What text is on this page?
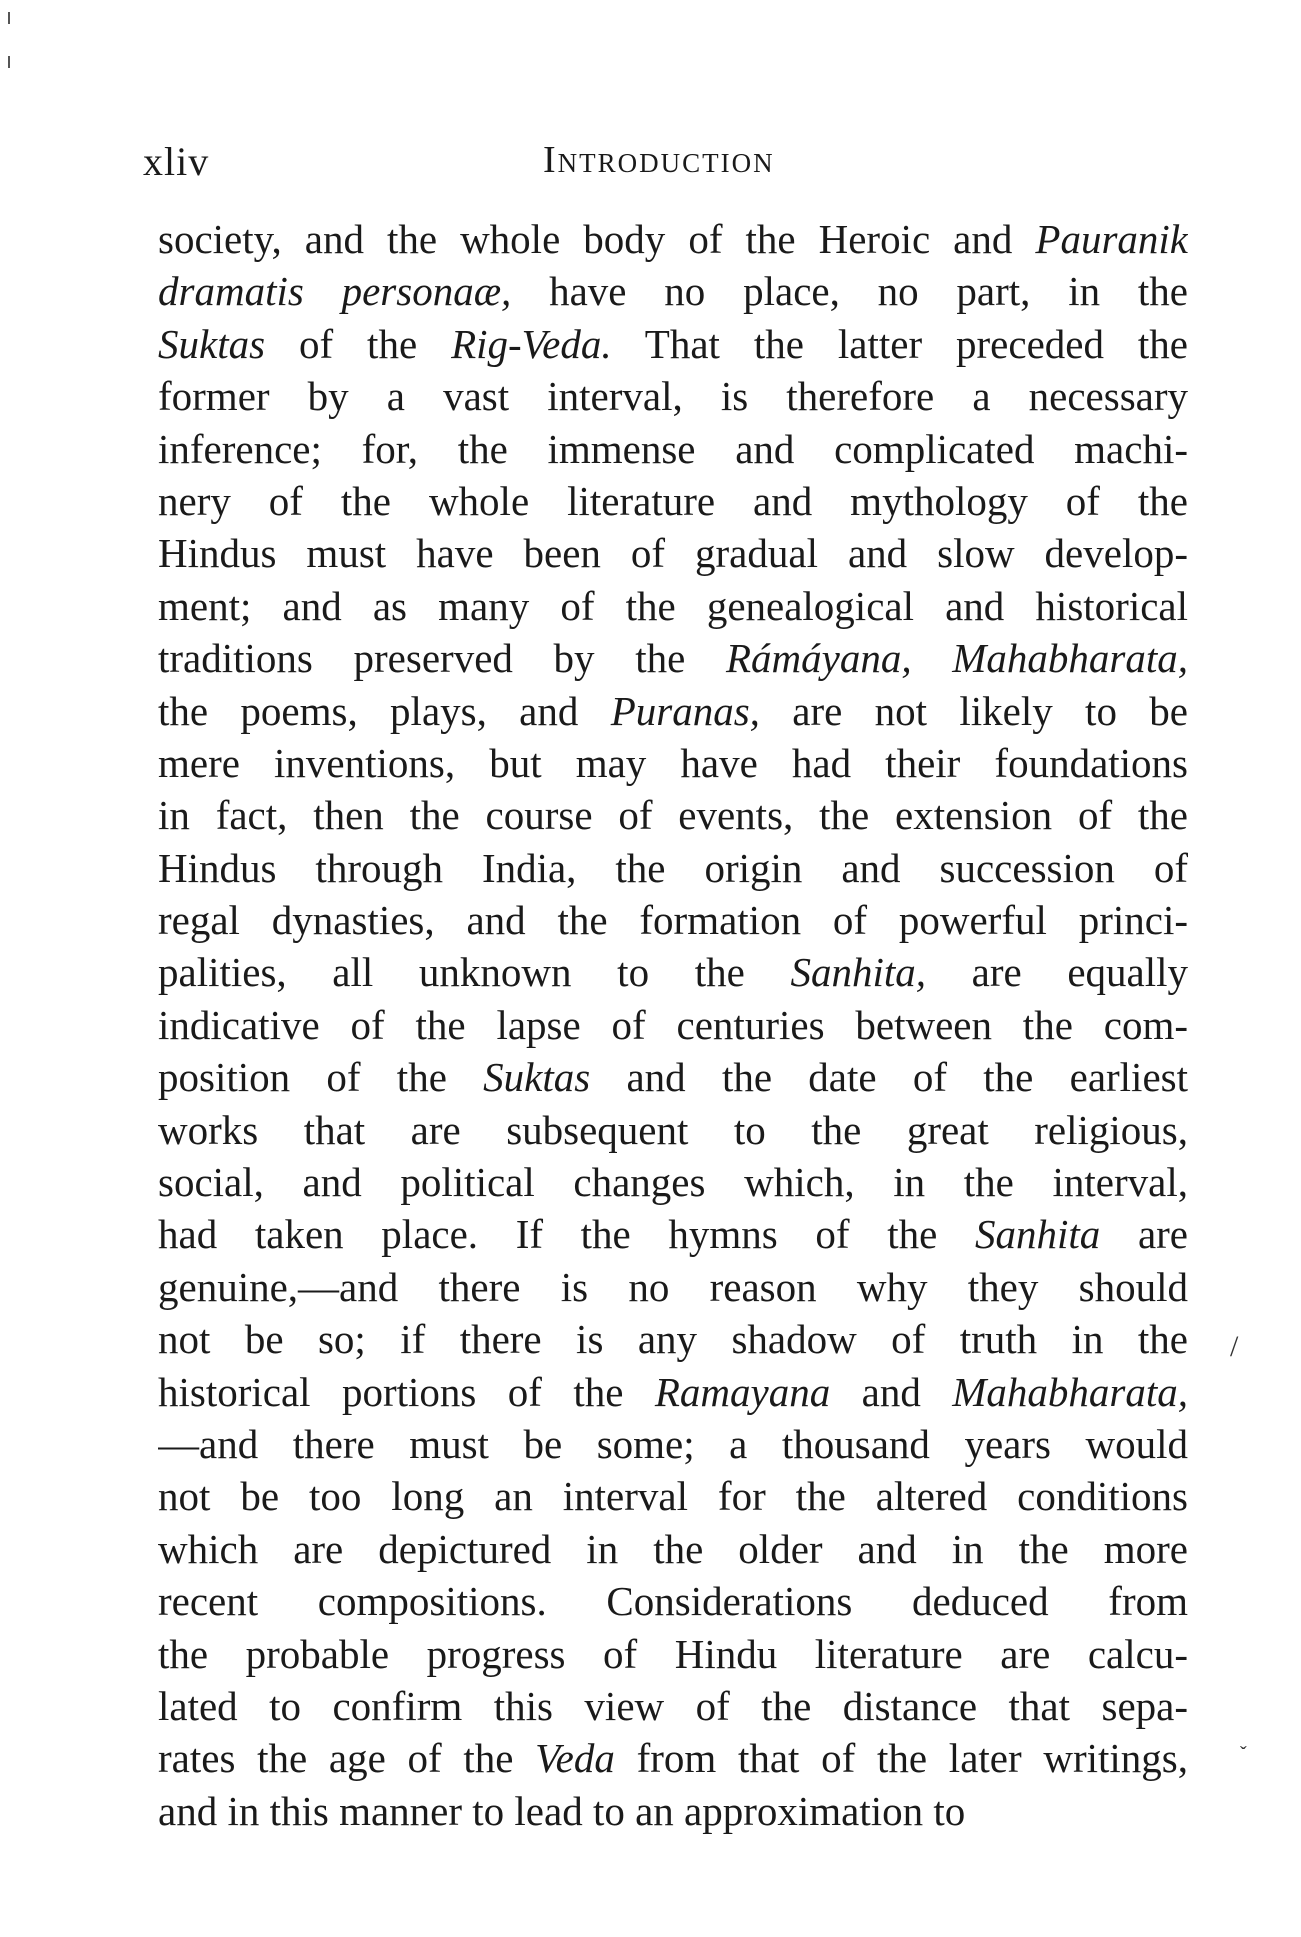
xliv	Introduction
society, and the whole body of the Heroic and Pauranik
dramatis personaæ, have no place, no part, in the
Suktas of the Rig-Veda. That the latter preceded the
former by a vast interval, is therefore a necessary
inference; for, the immense and complicated machi-
nery of the whole literature and mythology of the
Hindus must have been of gradual and slow develop-
ment; and as many of the genealogical and historical
traditions preserved by the Rámáyana, Mahabharata,
the poems, plays, and Puranas, are not likely to be
mere inventions, but may have had their foundations
in fact, then the course of events, the extension of the
Hindus through India, the origin and succession of
regal dynasties, and the formation of powerful princi-
palities, all unknown to the Sanhita, are equally
indicative of the lapse of centuries between the com-
position of the Suktas and the date of the earliest
works that are subsequent to the great religious,
social, and political changes which, in the interval,
had taken place. If the hymns of the Sanhita are
genuine,—and there is no reason why they should
not be so; if there is any shadow of truth in the
historical portions of the Ramayana and Mahabharata,
—and there must be some; a thousand years would
not be too long an interval for the altered conditions
which are depictured in the older and in the more
recent compositions. Considerations deduced from
the probable progress of Hindu literature are calcu-
lated to confirm this view of the distance that sepa-
rates the age of the Veda from that of the later writings,
and in this manner to lead to an approximation to
/
ˇ
